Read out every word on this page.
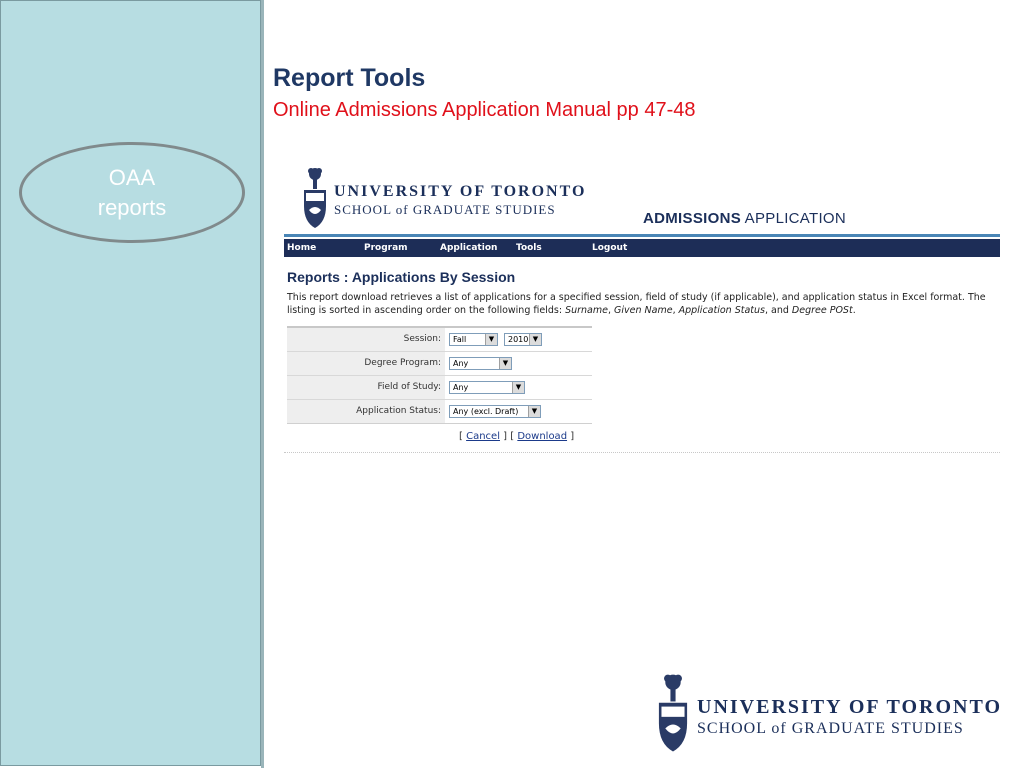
OAA reports
Report Tools
Online Admissions Application Manual pp 47-48
UNIVERSITY OF TORONTO
SCHOOL of GRADUATE STUDIES
ADMISSIONS APPLICATION
Home	Program	Application Tools	Logout
Reports : Applications By Session
This report download retrieves a list of applications for a specified session, field of study (if applicable), and application status in Excel format. The listing is sorted in ascending order on the following fields: Surname, Given Name, Application Status, and Degree POSt.
Session:	Fall	▼	2010 ▼
Degree Program:	Any	▼
Field of Study:	Any	▼
Application Status:	Any (excl. Draft)	▼
[ Cancel ] [ Download ]
UNIVERSITY OF TORONTO
SCHOOL of GRADUATE STUDIES
